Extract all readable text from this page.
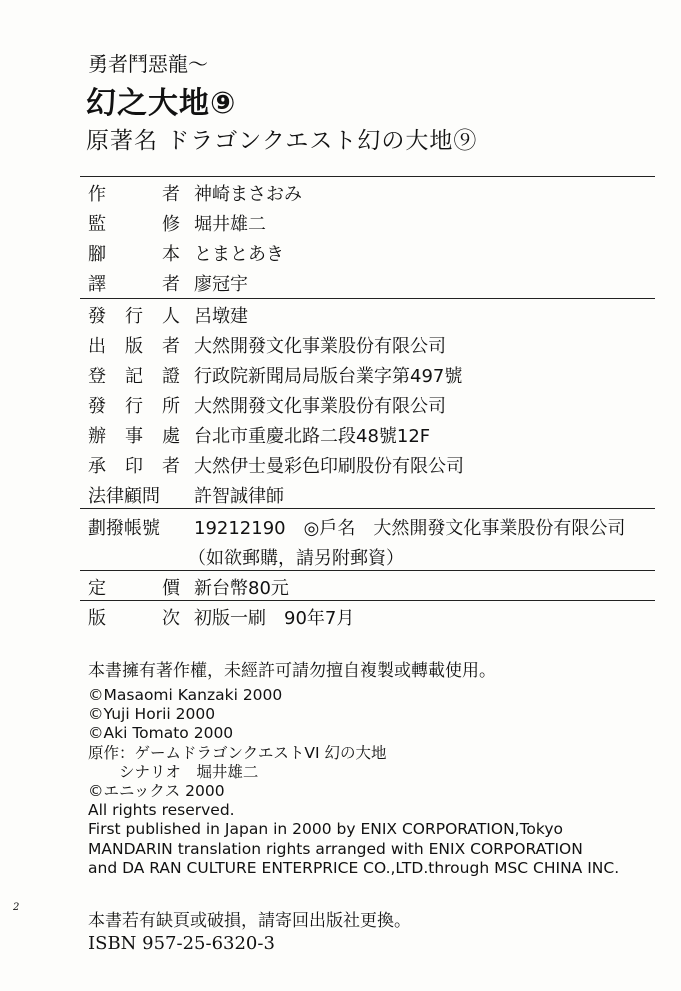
勇者鬥惡龍～
幻之大地⑨
原著名 ドラゴンクエスト幻の大地⑨
作	者 神崎まさおみ
監	修 堀井雄二
腳	本 とまとあき
譯	者 廖冠宇
發 行 人 呂墩建
出 版 者 大然開發文化事業股份有限公司
登 記 證 行政院新聞局局版台業字第497號
發 行 所 大然開發文化事業股份有限公司
辦 事 處 台北市重慶北路二段48號12F
承 印 者 大然伊士曼彩色印刷股份有限公司
法律顧問 許智誠律師
劃撥帳號 19212190　◎戶名　大然開發文化事業股份有限公司
（如欲郵購，請另附郵資）
定	價 新台幣80元
版	次 初版一刷　90年7月
本書擁有著作權，未經許可請勿擅自複製或轉載使用。
©Masaomi Kanzaki 2000
©Yuji Horii 2000
©Aki Tomato 2000
原作：ゲームドラゴンクエストVI 幻の大地
　　シナリオ　堀井雄二
©エニックス 2000
All rights reserved.
First published in Japan in 2000 by ENIX CORPORATION,Tokyo
MANDARIN translation rights arranged with ENIX CORPORATION
and DA RAN CULTURE ENTERPRICE CO.,LTD.through MSC CHINA INC.
2
本書若有缺頁或破損，請寄回出版社更換。
ISBN 957-25-6320-3
